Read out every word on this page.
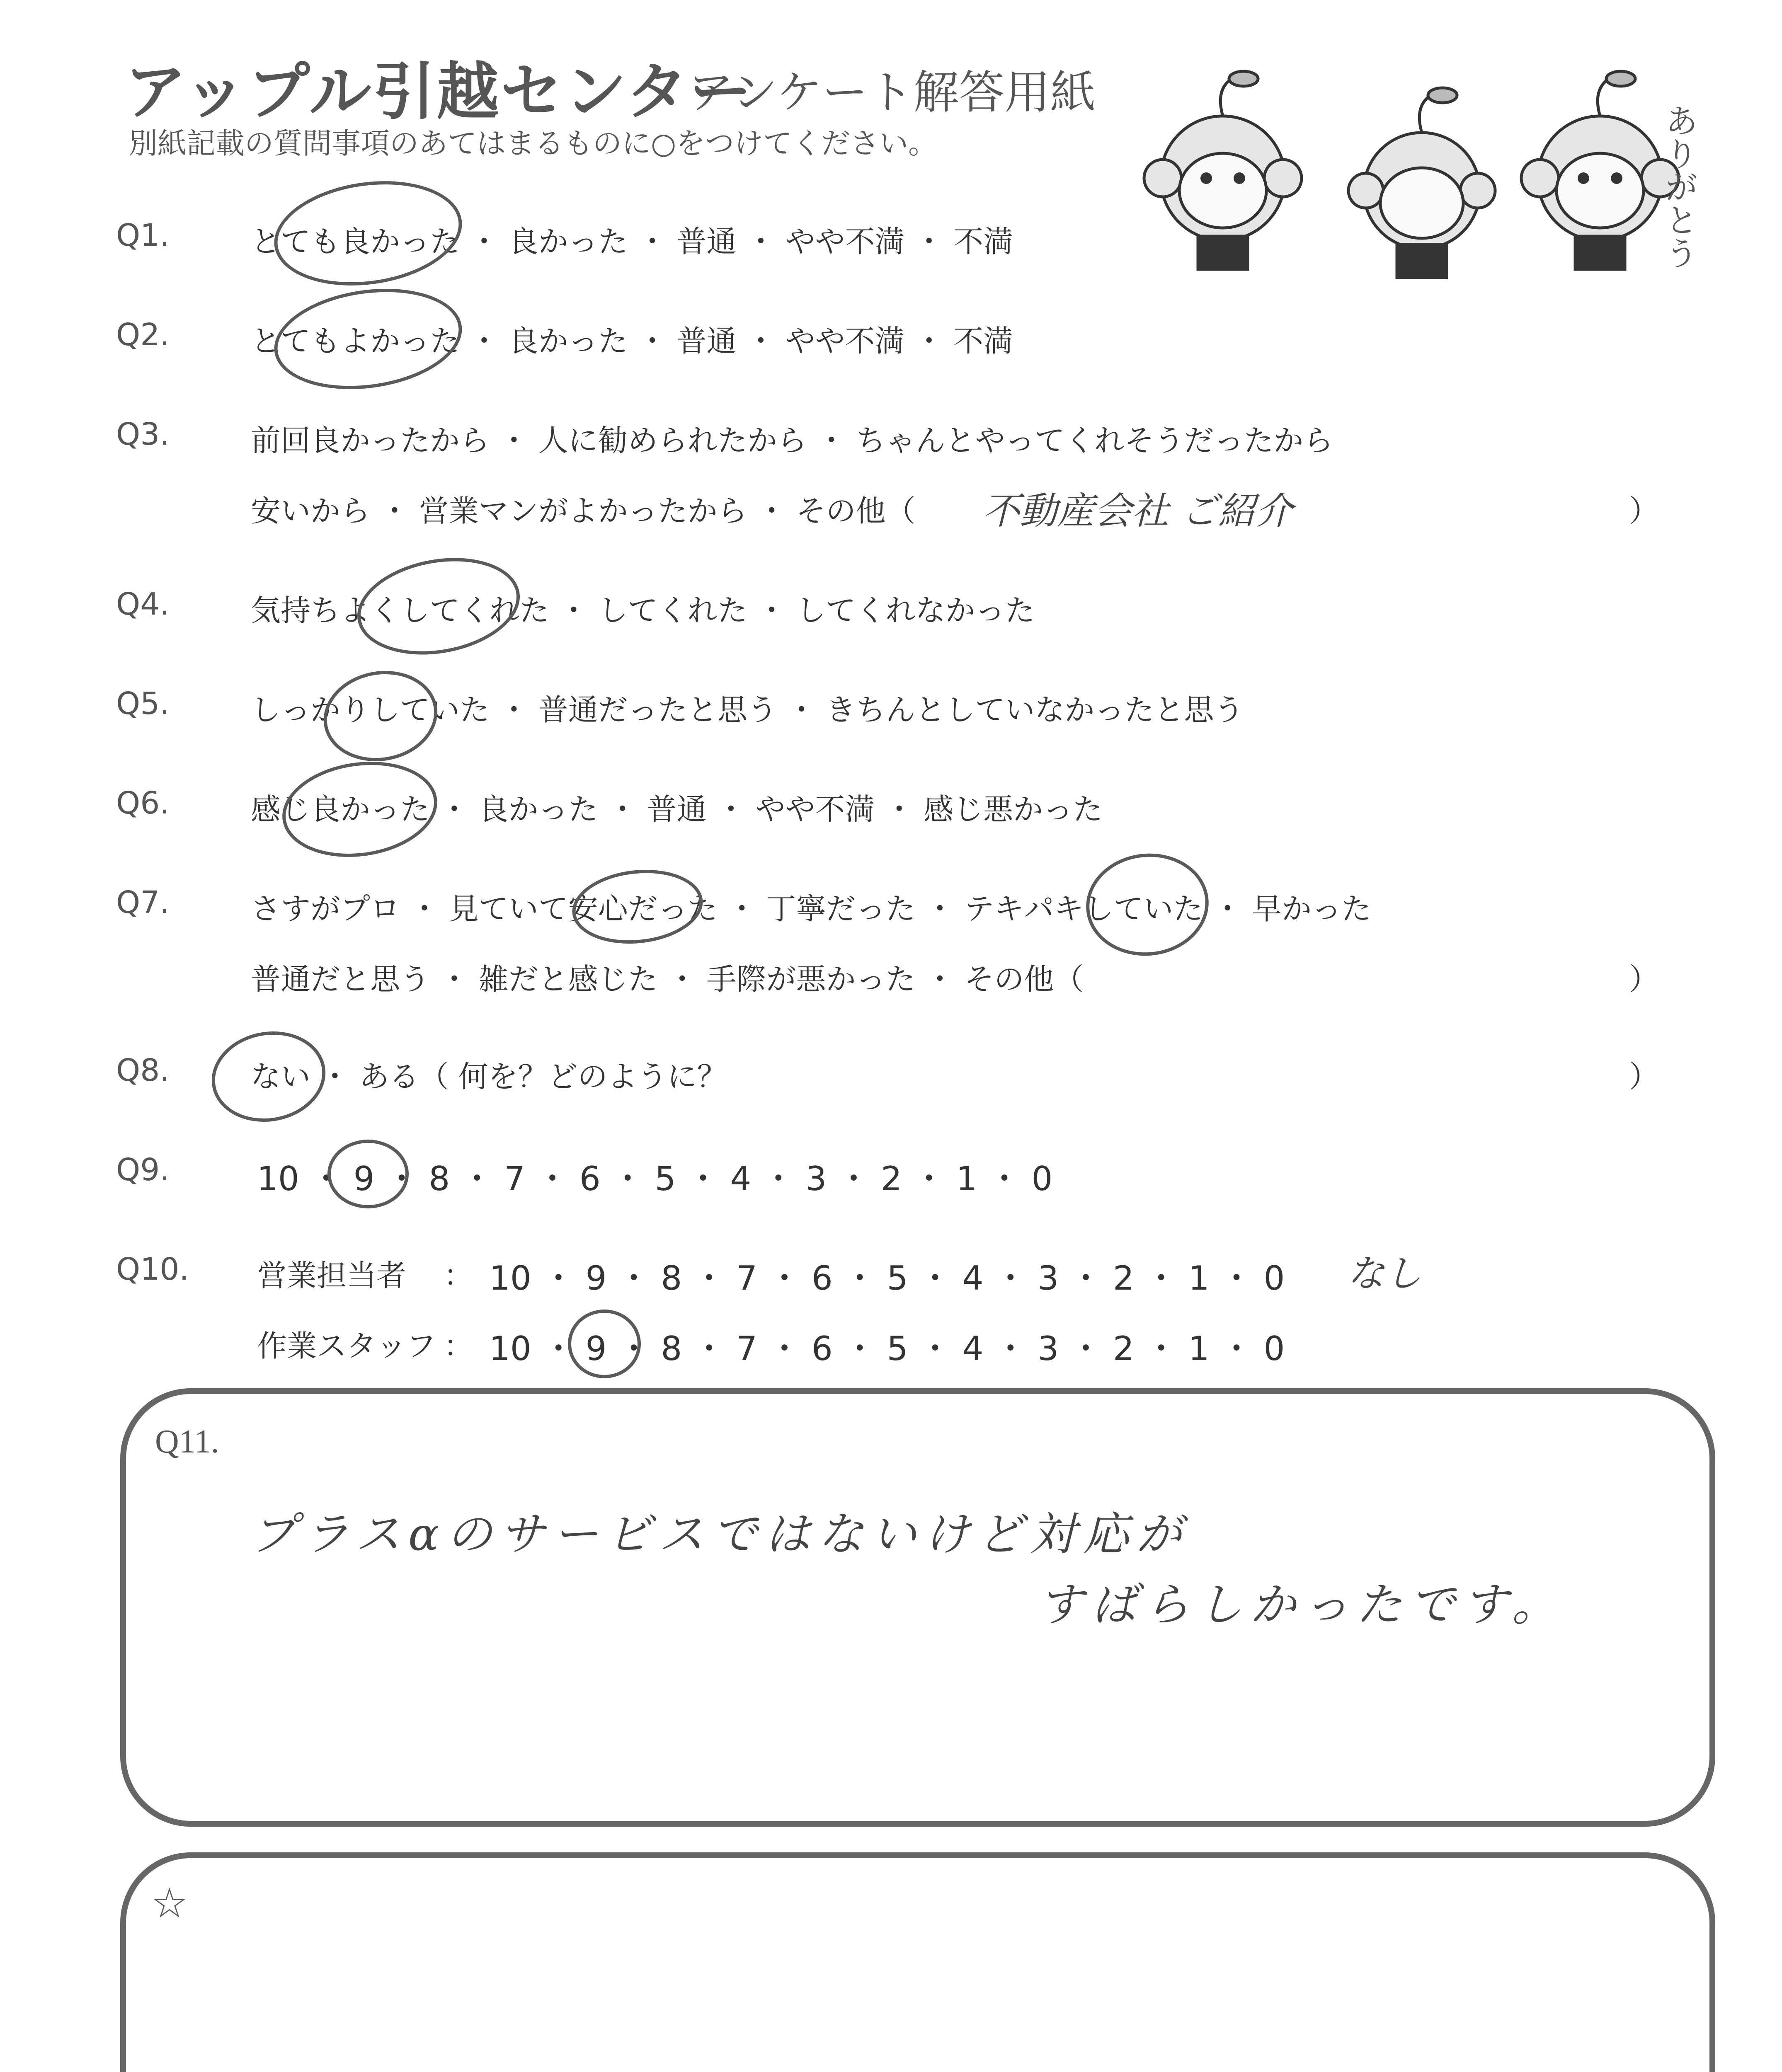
アップル引越センター
アンケート解答用紙
別紙記載の質問事項のあてはまるものに○をつけてください。	ありがとう
Q1.	とても良かった ・ 良かった ・ 普通 ・ やや不満 ・ 不満
Q2.	とてもよかった ・ 良かった ・ 普通 ・ やや不満 ・ 不満
Q3.	前回良かったから ・ 人に勧められたから ・ ちゃんとやってくれそうだったから
安いから ・ 営業マンがよかったから ・ その他（ 不動産会社 ご紹介	）
Q4.	気持ちよくしてくれた ・ してくれた ・ してくれなかった
Q5.	しっかりしていた ・ 普通だったと思う ・ きちんとしていなかったと思う
Q6.	感じ良かった ・ 良かった ・ 普通 ・ やや不満 ・ 感じ悪かった
Q7.	さすがプロ ・ 見ていて安心だった ・ 丁寧だった ・ テキパキしていた ・ 早かった
普通だと思う ・ 雑だと感じた ・ 手際が悪かった ・ その他（	）
Q8.	ない ・ ある（ 何を？どのように？	）
Q9.	10 ・ 9 ・ 8 ・ 7 ・ 6 ・ 5 ・ 4 ・ 3 ・ 2 ・ 1 ・ 0
Q10. 営業担当者 ： 10 ・ 9 ・ 8 ・ 7 ・ 6 ・ 5 ・ 4 ・ 3 ・ 2 ・ 1 ・ 0 なし
作業スタッフ ： 10 ・ 9 ・ 8 ・ 7 ・ 6 ・ 5 ・ 4 ・ 3 ・ 2 ・ 1 ・ 0
Q11.
プラスαのサービスではないけど対応が
すばらしかったです。
☆
